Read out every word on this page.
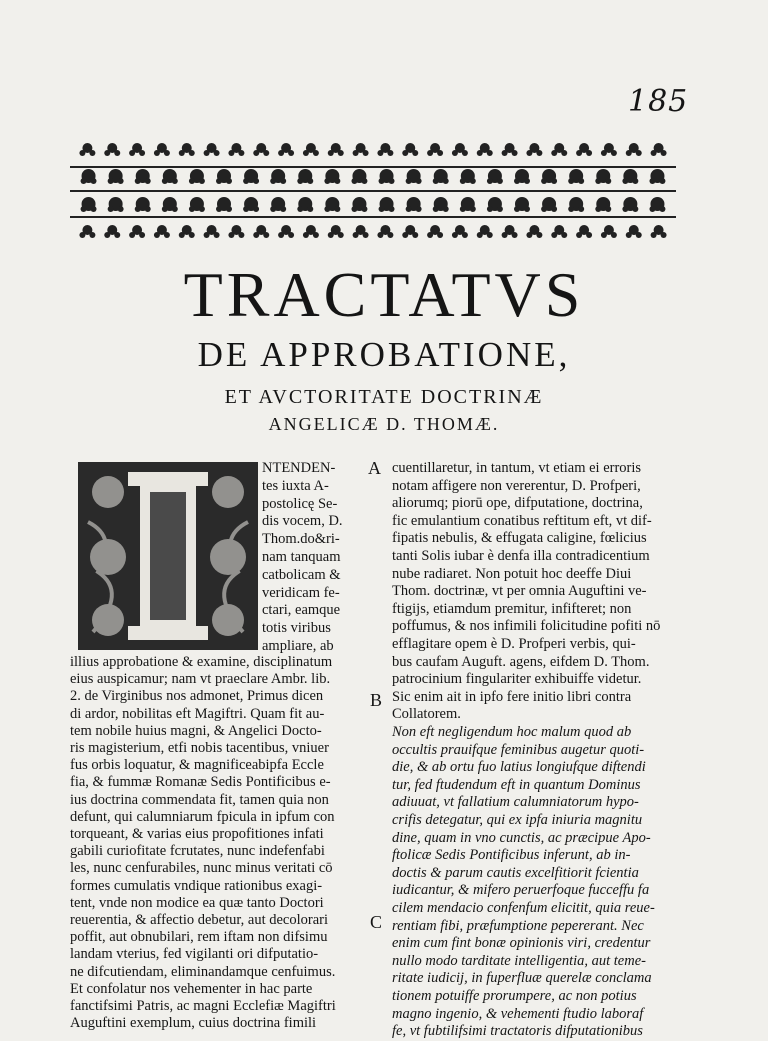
185
TRACTATVS
DE APPROBATIONE,
ET AVCTORITATE DOCTRINÆ
ANGELICÆ D. THOMÆ.
NTENDEN-
tes iuxta A-
postolicę Se-
dis vocem, D.
Thom.do&ri-
nam tanquam
catbolicam &
veridicam fe-
ctari, eamque
totis viribus
ampliare, ab
illius approbatione & examine, disciplinatum
eius auspicamur; nam vt praeclare Ambr. lib.
2. de Virginibus nos admonet, Primus dicen
di ardor, nobilitas eft Magiftri. Quam fit au-
tem nobile huius magni, & Angelici Docto-
ris magisterium, etfi nobis tacentibus, vniuer
fus orbis loquatur, & magnificeabipfa Eccle
fia, & fummæ Romanæ Sedis Pontificibus e-
ius doctrina commendata fit, tamen quia non
defunt, qui calumniarum fpicula in ipfum con
torqueant, & varias eius propofitiones infati
gabili curiofitate fcrutates, nunc indefenfabi
les, nunc cenfurabiles, nunc minus veritati cō
formes cumulatis vndique rationibus exagi-
tent, vnde non modice ea quæ tanto Doctori
reuerentia, & affectio debetur, aut decolorari
poffit, aut obnubilari, rem iftam non difsimu
landam vterius, fed vigilanti ori difputatio-
ne difcutiendam, eliminandamque cenfuimus.
Et confolatur nos vehementer in hac parte
fanctifsimi Patris, ac magni Ecclefiæ Magiftri
Auguftini exemplum, cuius doctrina fimili
cuentillaretur, in tantum, vt etiam ei erroris
notam affigere non vererentur, D. Profperi,
aliorumq; piorū ope, difputatione, doctrina,
fic emulantium conatibus reftitum eft, vt dif-
fipatis nebulis, & effugata caligine, fœlicius
tanti Solis iubar è denfa illa contradicentium
nube radiaret. Non potuit hoc deeffe Diui
Thom. doctrinæ, vt per omnia Auguftini ve-
ftigijs, etiamdum premitur, infifteret; non
poffumus, & nos infimili folicitudine pofiti nō
efflagitare opem è D. Profperi verbis, qui-
bus caufam Auguft. agens, eifdem D. Thom.
patrocinium fingulariter exhibuiffe videtur.
Sic enim ait in ipfo fere initio libri contra
Collatorem.
Non eft negligendum hoc malum quod ab
occultis prauifque feminibus augetur quoti-
die, & ab ortu fuo latius longiufque diftendi
tur, fed ftudendum eft in quantum Dominus
adiuuat, vt fallatium calumniatorum hypo-
crifis detegatur, qui ex ipfa iniuria magnitu
dine, quam in vno cunctis, ac præcipue Apo-
ftolicæ Sedis Pontificibus inferunt, ab in-
doctis & parum cautis excelfitiorit fcientia
iudicantur, & mifero peruerfoque fucceffu fa
cilem mendacio confenfum elicitit, quia reue-
rentiam fibi, præfumptione pepererant. Nec
enim cum fint bonæ opinionis viri, credentur
nullo modo tarditate intelligentia, aut teme-
ritate iudicij, in fuperfluæ querelæ conclama
tionem potuiffe prorumpere, ac non potius
magno ingenio, & vehementi ftudio laboraf
fe, vt fubtilifsimi tractatoris difputationibus
A
B
C
